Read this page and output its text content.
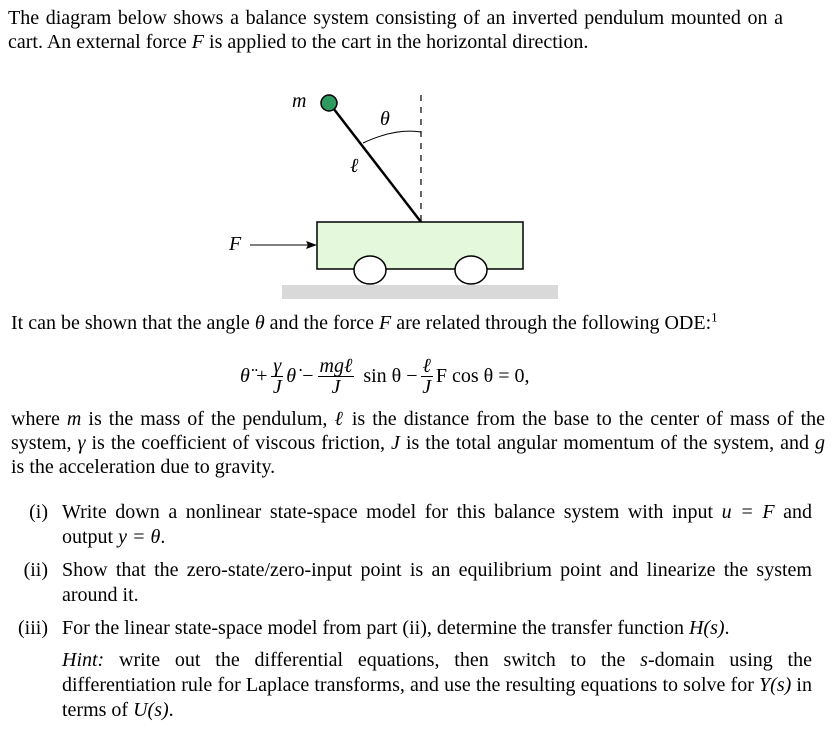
The diagram below shows a balance system consisting of an inverted pendulum mounted on a cart. An external force F is applied to the cart in the horizontal direction.
m
θ
ℓ
F
It can be shown that the angle θ and the force F are related through the following ODE:$^1$
θ̈ + $\frac{\gamma}{J}$ θ̇ − $\frac{\text{mgℓ}}{J}$ $\sin \theta - \frac{\text{ℓ}}{J}$ F cos θ = 0,
where m is the mass of the pendulum, ℓ is the distance from the base to the center of mass of the system, γ is the coefficient of viscous friction, J is the total angular momentum of the system, and g is the acceleration due to gravity.
(i) Write down a nonlinear state-space model for this balance system with input u = F and output y = θ.
(ii) Show that the zero-state/zero-input point is an equilibrium point and linearize the system around it.
(iii) For the linear state-space model from part (ii), determine the transfer function H(s).
Hint: write out the differential equations, then switch to the s-domain using the differentiation rule for Laplace transforms, and use the resulting equations to solve for Y(s) in terms of U(s).
